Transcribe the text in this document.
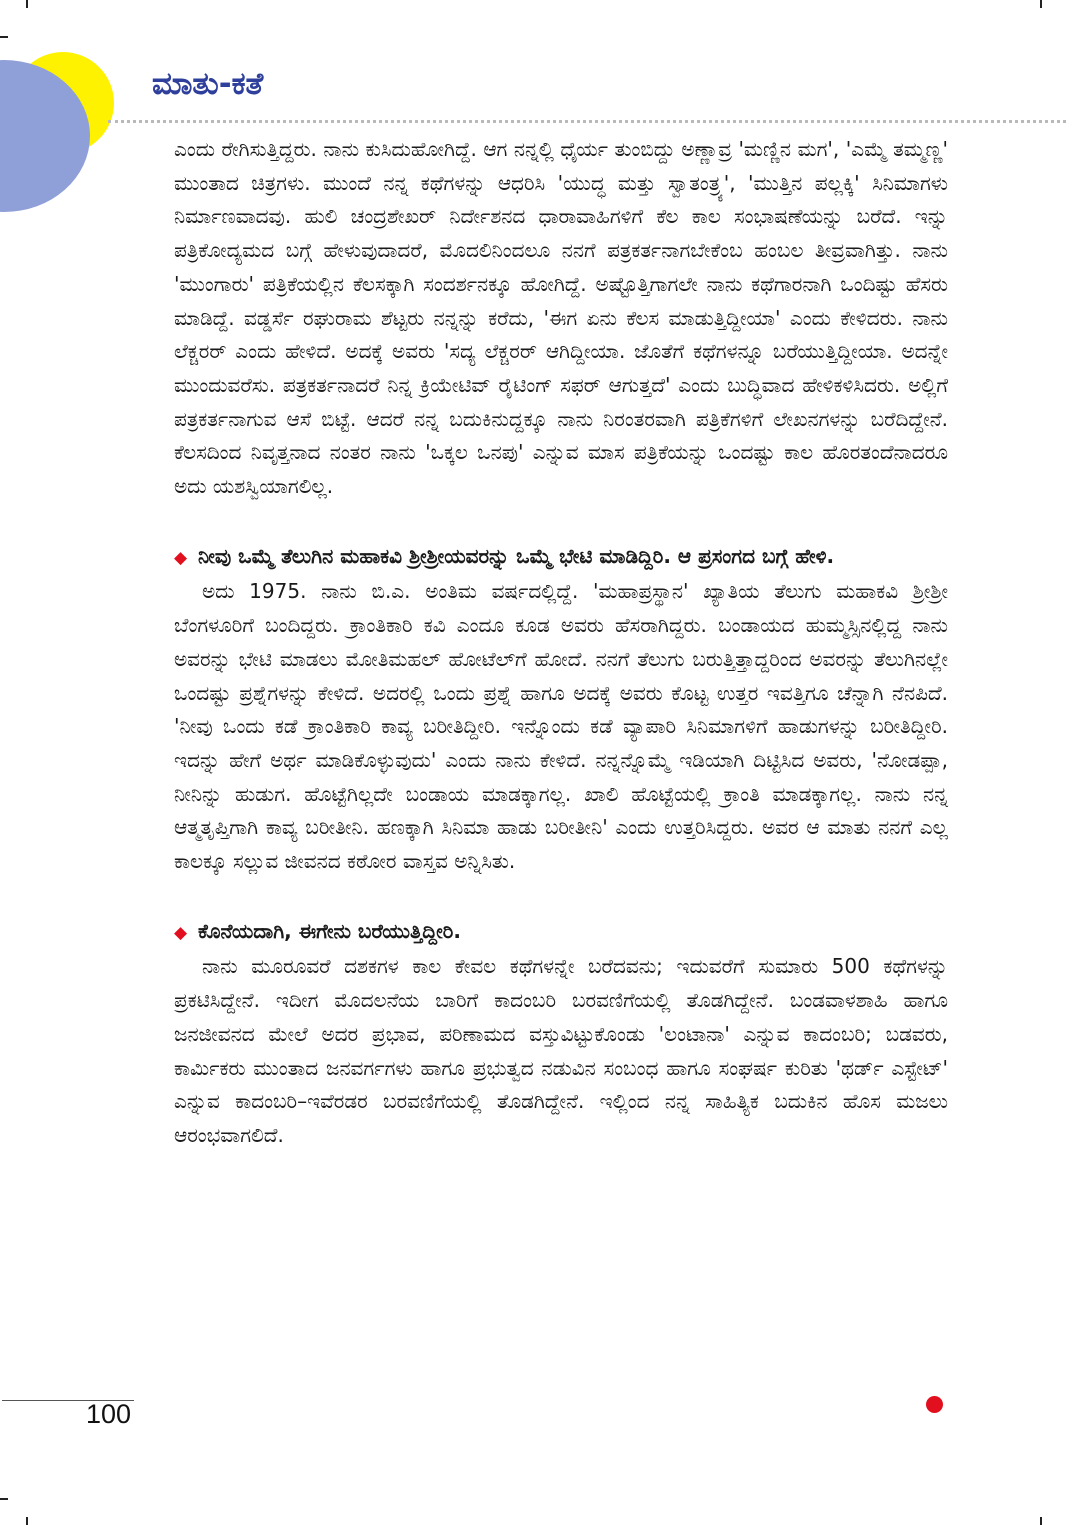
ಮಾತು-ಕತೆ

ಎಂದು ರೇಗಿಸುತ್ತಿದ್ದರು. ನಾನು ಕುಸಿದುಹೋಗಿದ್ದೆ. ಆಗ ನನ್ನಲ್ಲಿ ಧೈರ್ಯ ತುಂಬಿದ್ದು ಅಣ್ಣಾವ್ರ 'ಮಣ್ಣಿನ ಮಗ', 'ಎಮ್ಮೆ ತಮ್ಮಣ್ಣ' ಮುಂತಾದ ಚಿತ್ರಗಳು. ಮುಂದೆ ನನ್ನ ಕಥೆಗಳನ್ನು ಆಧರಿಸಿ 'ಯುದ್ಧ ಮತ್ತು ಸ್ವಾತಂತ್ರ್ಯ', 'ಮುತ್ತಿನ ಪಲ್ಲಕ್ಕಿ' ಸಿನಿಮಾಗಳು ನಿರ್ಮಾಣವಾದವು. ಹುಲಿ ಚಂದ್ರಶೇಖರ್ ನಿರ್ದೇಶನದ ಧಾರಾವಾಹಿಗಳಿಗೆ ಕೆಲ ಕಾಲ ಸಂಭಾಷಣೆಯನ್ನು ಬರೆದೆ. ಇನ್ನು ಪತ್ರಿಕೋದ್ಯಮದ ಬಗ್ಗೆ ಹೇಳುವುದಾದರೆ, ಮೊದಲಿನಿಂದಲೂ ನನಗೆ ಪತ್ರಕರ್ತನಾಗಬೇಕೆಂಬ ಹಂಬಲ ತೀವ್ರವಾಗಿತ್ತು. ನಾನು 'ಮುಂಗಾರು' ಪತ್ರಿಕೆಯಲ್ಲಿನ ಕೆಲಸಕ್ಕಾಗಿ ಸಂದರ್ಶನಕ್ಕೂ ಹೋಗಿದ್ದೆ. ಅಷ್ಟೊತ್ತಿಗಾಗಲೇ ನಾನು ಕಥೆಗಾರನಾಗಿ ಒಂದಿಷ್ಟು ಹೆಸರು ಮಾಡಿದ್ದೆ. ವಡ್ಡರ್ಸೆ ರಘುರಾಮ ಶೆಟ್ಟರು ನನ್ನನ್ನು ಕರೆದು, 'ಈಗ ಏನು ಕೆಲಸ ಮಾಡುತ್ತಿದ್ದೀಯಾ' ಎಂದು ಕೇಳಿದರು. ನಾನು ಲೆಕ್ಚರರ್ ಎಂದು ಹೇಳಿದೆ. ಅದಕ್ಕೆ ಅವರು 'ಸದ್ಯ ಲೆಕ್ಚರರ್ ಆಗಿದ್ದೀಯಾ. ಜೊತೆಗೆ ಕಥೆಗಳನ್ನೂ ಬರೆಯುತ್ತಿದ್ದೀಯಾ. ಅದನ್ನೇ ಮುಂದುವರೆಸು. ಪತ್ರಕರ್ತನಾದರೆ ನಿನ್ನ ಕ್ರಿಯೇಟಿವ್ ರೈಟಿಂಗ್ ಸಫರ್ ಆಗುತ್ತದೆ' ಎಂದು ಬುದ್ಧಿವಾದ ಹೇಳಿಕಳಿಸಿದರು. ಅಲ್ಲಿಗೆ ಪತ್ರಕರ್ತನಾಗುವ ಆಸೆ ಬಿಟ್ಟೆ. ಆದರೆ ನನ್ನ ಬದುಕಿನುದ್ದಕ್ಕೂ ನಾನು ನಿರಂತರವಾಗಿ ಪತ್ರಿಕೆಗಳಿಗೆ ಲೇಖನಗಳನ್ನು ಬರೆದಿದ್ದೇನೆ. ಕೆಲಸದಿಂದ ನಿವೃತ್ತನಾದ ನಂತರ ನಾನು 'ಒಕ್ಕಲ ಒನಪು' ಎನ್ನುವ ಮಾಸ ಪತ್ರಿಕೆಯನ್ನು ಒಂದಷ್ಟು ಕಾಲ ಹೊರತಂದೆನಾದರೂ ಅದು ಯಶಸ್ವಿಯಾಗಲಿಲ್ಲ.

◆ ನೀವು ಒಮ್ಮೆ ತೆಲುಗಿನ ಮಹಾಕವಿ ಶ್ರೀಶ್ರೀಯವರನ್ನು ಒಮ್ಮೆ ಭೇಟಿ ಮಾಡಿದ್ದಿರಿ. ಆ ಪ್ರಸಂಗದ ಬಗ್ಗೆ ಹೇಳಿ.

ಅದು 1975. ನಾನು ಬಿ.ಎ. ಅಂತಿಮ ವರ್ಷದಲ್ಲಿದ್ದೆ. 'ಮಹಾಪ್ರಸ್ಥಾನ' ಖ್ಯಾತಿಯ ತೆಲುಗು ಮಹಾಕವಿ ಶ್ರೀಶ್ರೀ ಬೆಂಗಳೂರಿಗೆ ಬಂದಿದ್ದರು. ಕ್ರಾಂತಿಕಾರಿ ಕವಿ ಎಂದೂ ಕೂಡ ಅವರು ಹೆಸರಾಗಿದ್ದರು. ಬಂಡಾಯದ ಹುಮ್ಮಸ್ಸಿನಲ್ಲಿದ್ದ ನಾನು ಅವರನ್ನು ಭೇಟಿ ಮಾಡಲು ಮೋತಿಮಹಲ್ ಹೋಟೆಲ್‌ಗೆ ಹೋದೆ. ನನಗೆ ತೆಲುಗು ಬರುತ್ತಿತ್ತಾದ್ದರಿಂದ ಅವರನ್ನು ತೆಲುಗಿನಲ್ಲೇ ಒಂದಷ್ಟು ಪ್ರಶ್ನೆಗಳನ್ನು ಕೇಳಿದೆ. ಅದರಲ್ಲಿ ಒಂದು ಪ್ರಶ್ನೆ ಹಾಗೂ ಅದಕ್ಕೆ ಅವರು ಕೊಟ್ಟ ಉತ್ತರ ಇವತ್ತಿಗೂ ಚೆನ್ನಾಗಿ ನೆನಪಿದೆ. 'ನೀವು ಒಂದು ಕಡೆ ಕ್ರಾಂತಿಕಾರಿ ಕಾವ್ಯ ಬರೀತಿದ್ದೀರಿ. ಇನ್ನೊಂದು ಕಡೆ ವ್ಯಾಪಾರಿ ಸಿನಿಮಾಗಳಿಗೆ ಹಾಡುಗಳನ್ನು ಬರೀತಿದ್ದೀರಿ. ಇದನ್ನು ಹೇಗೆ ಅರ್ಥ ಮಾಡಿಕೊಳ್ಳುವುದು' ಎಂದು ನಾನು ಕೇಳಿದೆ. ನನ್ನನ್ನೊಮ್ಮೆ ಇಡಿಯಾಗಿ ದಿಟ್ಟಿಸಿದ ಅವರು, 'ನೋಡಪ್ಪಾ, ನೀನಿನ್ನು ಹುಡುಗ. ಹೊಟ್ಟೆಗಿಲ್ಲದೇ ಬಂಡಾಯ ಮಾಡಕ್ಕಾಗಲ್ಲ. ಖಾಲಿ ಹೊಟ್ಟೆಯಲ್ಲಿ ಕ್ರಾಂತಿ ಮಾಡಕ್ಕಾಗಲ್ಲ. ನಾನು ನನ್ನ ಆತ್ಮತೃಪ್ತಿಗಾಗಿ ಕಾವ್ಯ ಬರೀತೀನಿ. ಹಣಕ್ಕಾಗಿ ಸಿನಿಮಾ ಹಾಡು ಬರೀತೀನಿ' ಎಂದು ಉತ್ತರಿಸಿದ್ದರು. ಅವರ ಆ ಮಾತು ನನಗೆ ಎಲ್ಲ ಕಾಲಕ್ಕೂ ಸಲ್ಲುವ ಜೀವನದ ಕಠೋರ ವಾಸ್ತವ ಅನ್ನಿಸಿತು.

◆ ಕೊನೆಯದಾಗಿ, ಈಗೇನು ಬರೆಯುತ್ತಿದ್ದೀರಿ.

ನಾನು ಮೂರೂವರೆ ದಶಕಗಳ ಕಾಲ ಕೇವಲ ಕಥೆಗಳನ್ನೇ ಬರೆದವನು; ಇದುವರೆಗೆ ಸುಮಾರು 500 ಕಥೆಗಳನ್ನು ಪ್ರಕಟಿಸಿದ್ದೇನೆ. ಇದೀಗ ಮೊದಲನೆಯ ಬಾರಿಗೆ ಕಾದಂಬರಿ ಬರವಣಿಗೆಯಲ್ಲಿ ತೊಡಗಿದ್ದೇನೆ. ಬಂಡವಾಳಶಾಹಿ ಹಾಗೂ ಜನಜೀವನದ ಮೇಲೆ ಅದರ ಪ್ರಭಾವ, ಪರಿಣಾಮದ ವಸ್ತುವಿಟ್ಟುಕೊಂಡು 'ಲಂಟಾನಾ' ಎನ್ನುವ ಕಾದಂಬರಿ; ಬಡವರು, ಕಾರ್ಮಿಕರು ಮುಂತಾದ ಜನವರ್ಗಗಳು ಹಾಗೂ ಪ್ರಭುತ್ವದ ನಡುವಿನ ಸಂಬಂಧ ಹಾಗೂ ಸಂಘರ್ಷ ಕುರಿತು 'ಥರ್ಡ್ ಎಸ್ಟೇಟ್' ಎನ್ನುವ ಕಾದಂಬರಿ–ಇವೆರಡರ ಬರವಣಿಗೆಯಲ್ಲಿ ತೊಡಗಿದ್ದೇನೆ. ಇಲ್ಲಿಂದ ನನ್ನ ಸಾಹಿತ್ಯಿಕ ಬದುಕಿನ ಹೊಸ ಮಜಲು ಆರಂಭವಾಗಲಿದೆ.

100
